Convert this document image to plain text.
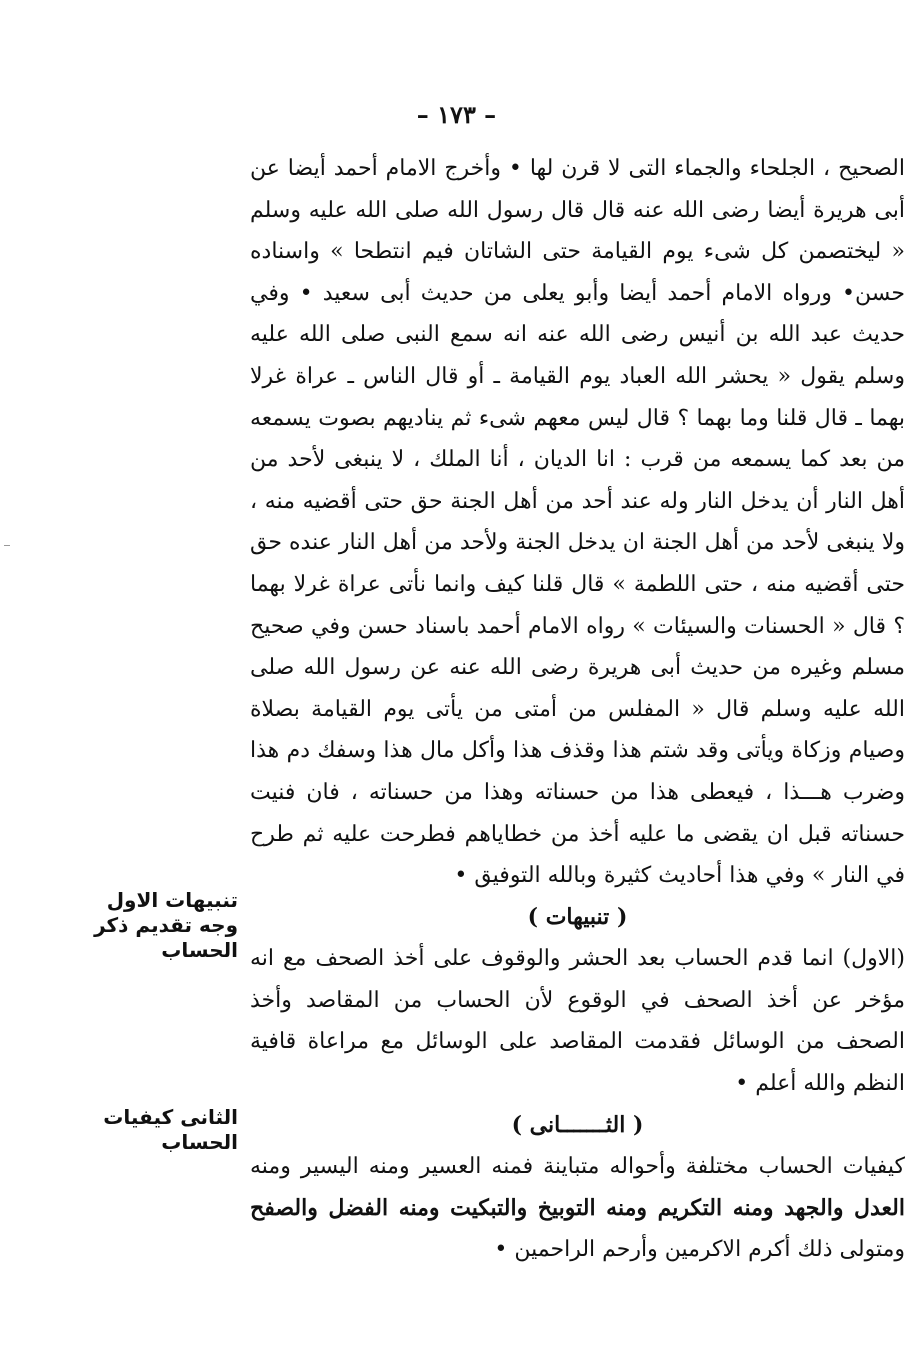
– ١٧٣ –

الصحيح ، الجلحاء والجماء التى لا قرن لها • وأخرج الامام أحمد أيضا عن أبى هريرة أيضا رضى الله عنه قال قال رسول الله صلى الله عليه وسلم « ليختصمن كل شىء يوم القيامة حتى الشاتان فيم انتطحا » واسناده حسن• ورواه الامام أحمد أيضا وأبو يعلى من حديث أبى سعيد • وفي حديث عبد الله بن أنيس رضى الله عنه انه سمع النبى صلى الله عليه وسلم يقول « يحشر الله العباد يوم القيامة ـ أو قال الناس ـ عراة غرلا بهما ـ قال قلنا وما بهما ؟ قال ليس معهم شىء ثم يناديهم بصوت يسمعه من بعد كما يسمعه من قرب : انا الديان ، أنا الملك ، لا ينبغى لأحد من أهل النار أن يدخل النار وله عند أحد من أهل الجنة حق حتى أقضيه منه ، ولا ينبغى لأحد من أهل الجنة ان يدخل الجنة ولأحد من أهل النار عنده حق حتى أقضيه منه ، حتى اللطمة » قال قلنا كيف وانما نأتى عراة غرلا بهما ؟ قال « الحسنات والسيئات » رواه الامام أحمد باسناد حسن وفي صحيح مسلم وغيره من حديث أبى هريرة رضى الله عنه عن رسول الله صلى الله عليه وسلم قال « المفلس من أمتى من يأتى يوم القيامة بصلاة وصيام وزكاة ويأتى وقد شتم هذا وقذف هذا وأكل مال هذا وسفك دم هذا وضرب هـــذا ، فيعطى هذا من حسناته وهذا من حسناته ، فان فنيت حسناته قبل ان يقضى ما عليه أخذ من خطاياهم فطرحت عليه ثم طرح في النار » وفي هذا أحاديث كثيرة وبالله التوفيق •

( تنبيهات )

(الاول) انما قدم الحساب بعد الحشر والوقوف على أخذ الصحف مع انه مؤخر عن أخذ الصحف في الوقوع لأن الحساب من المقاصد وأخذ الصحف من الوسائل فقدمت المقاصد على الوسائل مع مراعاة قافية النظم والله أعلم •

( الثـــــــانى )

كيفيات الحساب مختلفة وأحواله متباينة فمنه العسير ومنه اليسير ومنه العدل والجهد ومنه التكريم ومنه التوبيخ والتبكيت ومنه الفضل والصفح ومتولى ذلك أكرم الاكرمين وأرحم الراحمين •
تنبيهات الاول وجه تقديم ذكر الحساب
الثانى كيفيات الحساب
